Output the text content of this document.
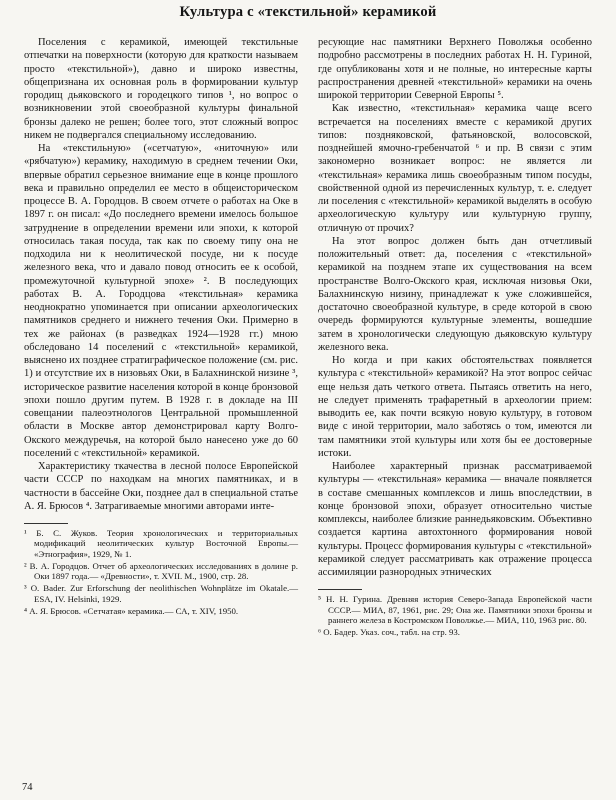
Культура с «текстильной» керамикой

Поселения с керамикой, имеющей текстильные отпечатки на поверхности (которую для краткости называем просто «текстильной»), давно и широко известны, общепризнана их основная роль в формировании культур городищ дьяковского и городецкого типов ¹, но вопрос о возникновении этой своеобразной культуры финальной бронзы далеко не решен; более того, этот сложный вопрос никем не подвергался специальному исследованию.

На «текстильную» («сетчатую», «ниточную» или «рябчатую») керамику, находимую в среднем течении Оки, впервые обратил серьезное внимание еще в конце прошлого века и правильно определил ее место в общеисторическом процессе В. А. Городцов. В своем отчете о работах на Оке в 1897 г. он писал: «До последнего времени имелось большое затруднение в определении времени или эпохи, к которой относилась такая посуда, так как по своему типу она не подходила ни к неолитической посуде, ни к посуде железного века, что и давало повод относить ее к особой, промежуточной культурной эпохе» ². В последующих работах В. А. Городцова «текстильная» керамика неоднократно упоминается при описании археологических памятников среднего и нижнего течения Оки. Примерно в тех же районах (в разведках 1924—1928 гг.) мною обследовано 14 поселений с «текстильной» керамикой, выяснено их позднее стратиграфическое положение (см. рис. 1) и отсутствие их в низовьях Оки, в Балахнинской низине ³, историческое развитие населения которой в конце бронзовой эпохи пошло другим путем. В 1928 г. в докладе на III совещании палеоэтнологов Центральной промышленной области в Москве автор демонстрировал карту Волго-Окского междуречья, на которой было нанесено уже до 60 поселений с «текстильной» керамикой.

Характеристику ткачества в лесной полосе Европейской части СССР по находкам на многих памятниках, и в частности в бассейне Оки, позднее дал в специальной статье А. Я. Брюсов ⁴. Затрагиваемые многими авторами инте-

¹ Б. С. Жуков. Теория хронологических и территориальных модификаций неолитических культур Восточной Европы.— «Этнография», 1929, № 1.
² В. А. Городцов. Отчет об археологических исследованиях в долине р. Оки 1897 года.— «Древности», т. XVII. М., 1900, стр. 28.
³ O. Bader. Zur Erforschung der neolithischen Wohnplätze im Okatale.— ESA, IV. Helsinki, 1929.
⁴ А. Я. Брюсов. «Сетчатая» керамика.— СА, т. XIV, 1950.

ресующие нас памятники Верхнего Поволжья особенно подробно рассмотрены в последних работах Н. Н. Гуриной, где опубликованы хотя и не полные, но интересные карты распространения древней «текстильной» керамики на очень широкой территории Северной Европы ⁵.

Как известно, «текстильная» керамика чаще всего встречается на поселениях вместе с керамикой других типов: поздняковской, фатьяновской, волосовской, позднейшей ямочно-гребенчатой ⁶ и пр. В связи с этим закономерно возникает вопрос: не является ли «текстильная» керамика лишь своеобразным типом посуды, свойственной одной из перечисленных культур, т. е. следует ли поселения с «текстильной» керамикой выделять в особую археологическую культуру или культурную группу, отличную от прочих?

На этот вопрос должен быть дан отчетливый положительный ответ: да, поселения с «текстильной» керамикой на позднем этапе их существования на всем пространстве Волго-Окского края, исключая низовья Оки, Балахнинскую низину, принадлежат к уже сложившейся, достаточно своеобразной культуре, в среде которой в свою очередь формируются культурные элементы, вошедшие затем в хронологически следующую дьяковскую культуру железного века.

Но когда и при каких обстоятельствах появляется культура с «текстильной» керамикой? На этот вопрос сейчас еще нельзя дать четкого ответа. Пытаясь ответить на него, не следует применять трафаретный в археологии прием: выводить ее, как почти всякую новую культуру, в готовом виде с иной территории, мало заботясь о том, имеются ли там памятники этой культуры или хотя бы ее достоверные истоки.

Наиболее характерный признак рассматриваемой культуры — «текстильная» керамика — вначале появляется в составе смешанных комплексов и лишь впоследствии, в конце бронзовой эпохи, образует относительно чистые комплексы, наиболее близкие раннедьяковским. Объективно создается картина автохтонного формирования новой культуры. Процесс формирования культуры с «текстильной» керамикой следует рассматривать как отражение процесса ассимиляции разнородных этнических

⁵ Н. Н. Гурина. Древняя история Северо-Запада Европейской части СССР.— МИА, 87, 1961, рис. 29; Она же. Памятники эпохи бронзы и раннего железа в Костромском Поволжье.— МИА, 110, 1963 рис. 80.
⁶ O. Бадер. Указ. соч., табл. на стр. 93.
74
